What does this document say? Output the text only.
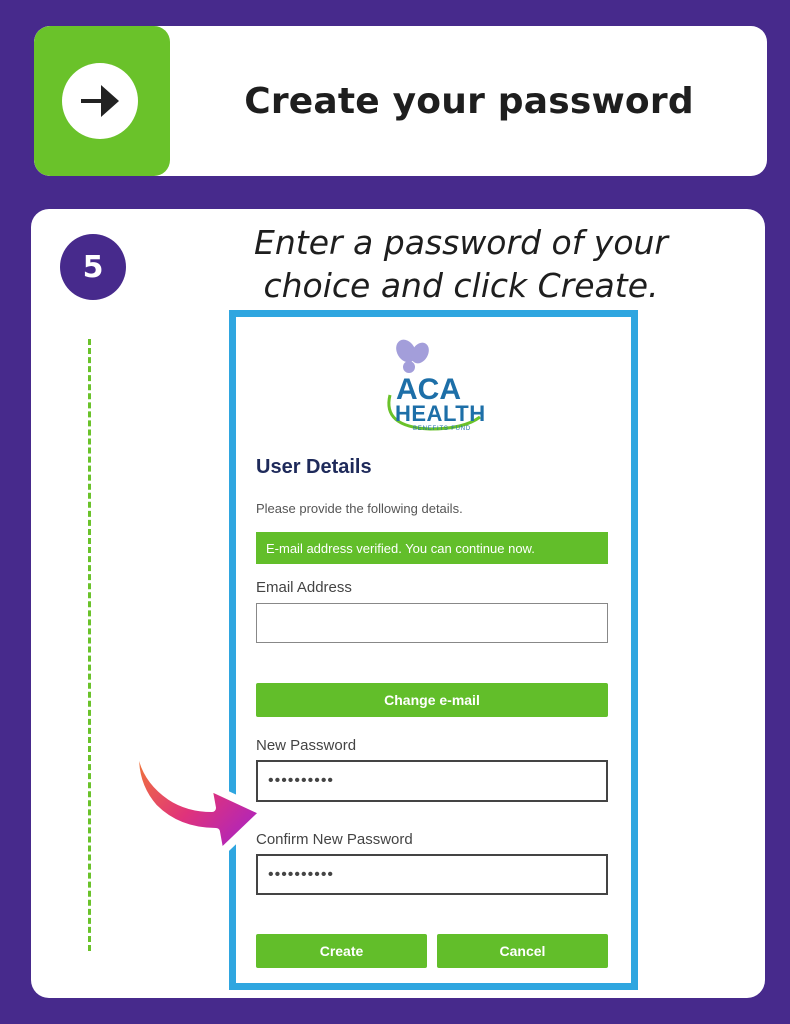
Create your password
5
Enter a password of your
choice and click Create.
ACA
HEALTH
BENEFITS FUND
User Details
Please provide the following details.
E-mail address verified. You can continue now.
Email Address
Change e-mail
New Password
••••••••••
Confirm New Password
••••••••••
Create	Cancel
